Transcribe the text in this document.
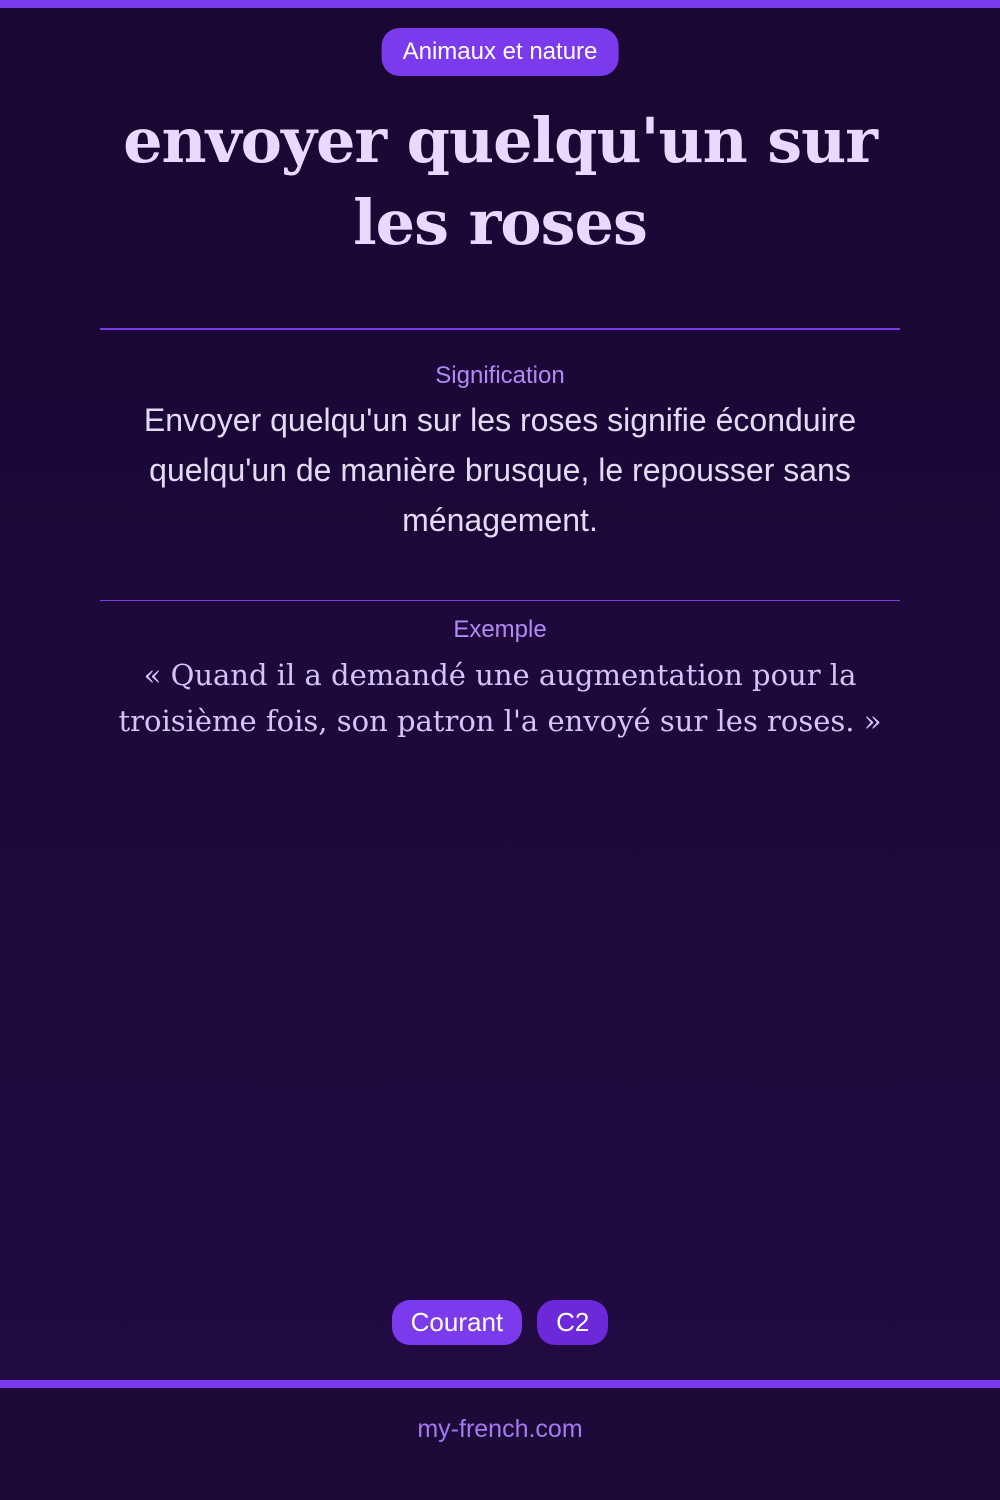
Animaux et nature
envoyer quelqu'un sur les roses
Signification

Envoyer quelqu'un sur les roses signifie éconduire quelqu'un de manière brusque, le repousser sans ménagement.

Exemple

« Quand il a demandé une augmentation pour la troisième fois, son patron l'a envoyé sur les roses. »

Courant	C2
my-french.com
